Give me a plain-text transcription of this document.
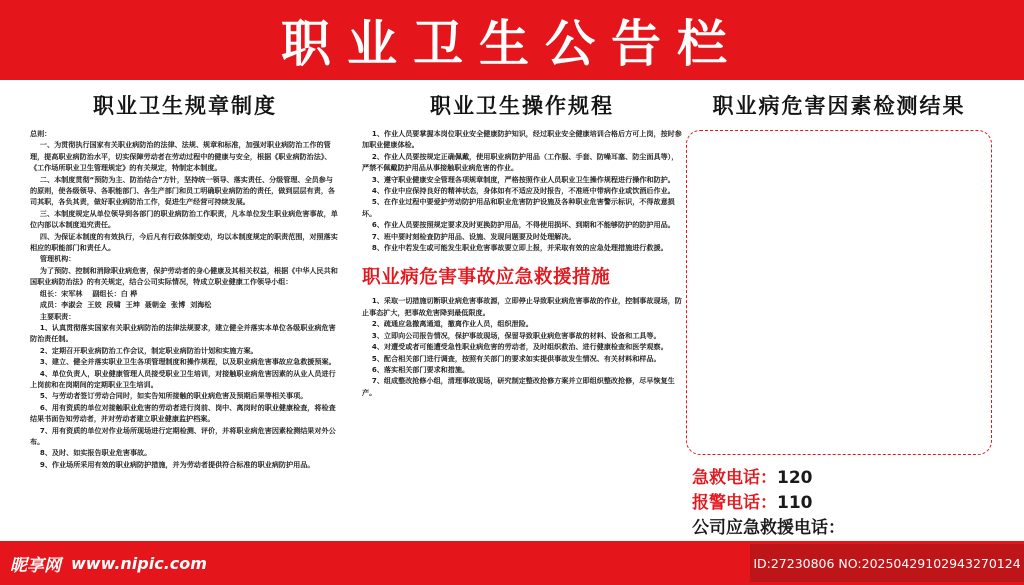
职业卫生公告栏
职业卫生规章制度
总则：
一、为贯彻执行国家有关职业病防治的法律、法规、规章和标准，加强对职业病防治工作的管理，提高职业病防治水平，切实保障劳动者在劳动过程中的健康与安全，根据《职业病防治法》、《工作场所职业卫生管理规定》的有关规定，特制定本制度。
二、本制度贯彻“预防为主、防治结合”方针，坚持统一领导、落实责任、分级管理、全员参与的原则，使各级领导、各职能部门、各生产部门和员工明确职业病防治的责任，做到层层有责，各司其职，各负其责，做好职业病防治工作，促进生产经营可持续发展。
三、本制度规定从单位领导到各部门的职业病防治工作职责，凡本单位发生职业病危害事故，单位内部以本制度追究责任。
四、为保证本制度的有效执行，今后凡有行政体制变动，均以本制度规定的职责范围，对照落实相应的职能部门和责任人。
管理机构：
为了预防、控制和消除职业病危害，保护劳动者的身心健康及其相关权益，根据《中华人民共和国职业病防治法》的有关规定，结合公司实际情况，特成立职业健康工作领导小组：
组长：宋军林    副组长：白 桦
成员：李淑会  王姣  段啸  王坤  聂朝金  张博  刘海松
主要职责：
1、认真贯彻落实国家有关职业病防治的法律法规要求，建立健全并落实本单位各级职业病危害防治责任制。
2、定期召开职业病防治工作会议，制定职业病防治计划和实施方案。
3、建立、健全并落实职业卫生各项管理制度和操作规程，以及职业病危害事故应急救援预案。
4、单位负责人，职业健康管理人员接受职业卫生培训，对接触职业病危害因素的从业人员进行上岗前和在岗期间的定期职业卫生培训。
5、与劳动者签订劳动合同时，如实告知所接触的职业病危害及预期后果等相关事项。
6、用有资质的单位对接触职业危害的劳动者进行岗前、岗中、离岗时的职业健康检查，将检查结果书面告知劳动者，并对劳动者建立职业健康监护档案。
7、用有资质的单位对作业场所现场进行定期检测、评价，并将职业病危害因素检测结果对外公布。
8、及时、如实报告职业危害事故。
9、作业场所采用有效的职业病防护措施，并为劳动者提供符合标准的职业病防护用品。
职业卫生操作规程
1、作业人员要掌握本岗位职业安全健康防护知识，经过职业安全健康培训合格后方可上岗，按时参加职业健康体检。
2、作业人员要按规定正确佩戴，使用职业病防护用品（工作服、手套、防噪耳塞、防尘面具等），严禁不佩戴防护用品从事接触职业病危害的作业。
3、遵守职业健康安全管理各项规章制度，严格按照作业人员职业卫生操作规程进行操作和防护。
4、作业中应保持良好的精神状态，身体如有不适应及时报告，不准班中带病作业或饮酒后作业。
5、在作业过程中要爱护劳动防护用品和职业危害防护设施及各种职业危害警示标识，不得故意损坏。
6、作业人员要按照规定要求及时更换防护用品，不得使用损坏、到期和不能够防护的防护用品。
7、班中要时刻检查防护用品、设施、发现问题要及时处理解决。
8、作业中若发生或可能发生职业危害事故要立即上报，并采取有效的应急处理措施进行救援。
职业病危害事故应急救援措施
1、采取一切措施切断职业病危害事故源，立即停止导致职业病危害事故的作业，控制事故现场，防止事态扩大，把事故危害降到最低限度。
2、疏通应急撤离通道，撤离作业人员，组织泄险。
3、立即向公司报告情况，保护事故现场，保留导致职业病危害事故的材料、设备和工具等。
4、对遭受或者可能遭受急性职业病危害的劳动者，及时组织救治、进行健康检查和医学观察。
5、配合相关部门进行调查，按照有关部门的要求如实提供事故发生情况、有关材料和样品。
6、落实相关部门要求和措施。
7、组成整改抢修小组，清理事故现场，研究制定整改抢修方案并立即组织整改抢修，尽早恢复生产。
职业病危害因素检测结果
急救电话：120
报警电话：110
公司应急救援电话：
昵享网 www.nipic.com	ID:27230806 NO:20250429102943270124
